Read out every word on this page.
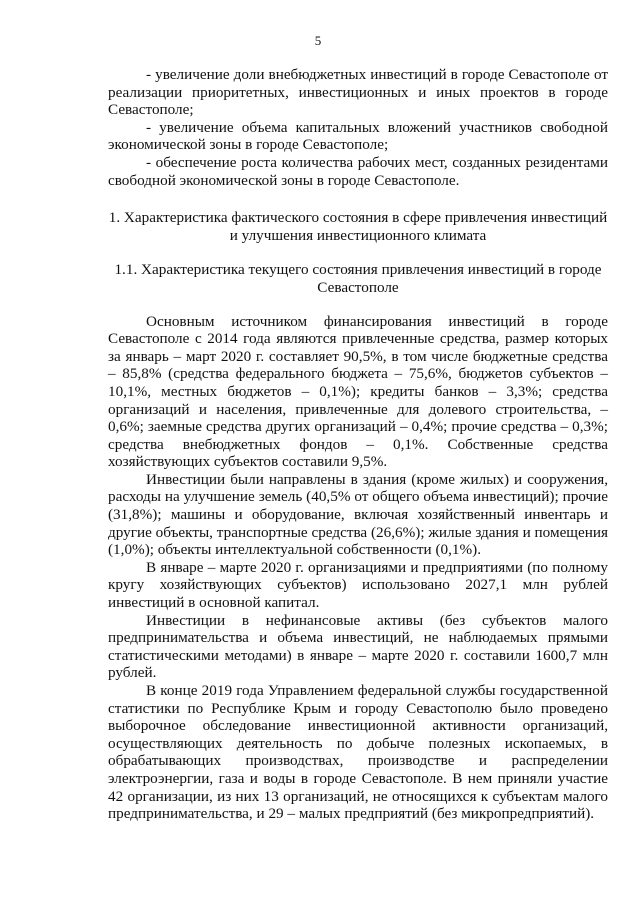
5

- увеличение доли внебюджетных инвестиций в городе Севастополе от реализации приоритетных, инвестиционных и иных проектов в городе Севастополе;

- увеличение объема капитальных вложений участников свободной экономической зоны в городе Севастополе;

- обеспечение роста количества рабочих мест, созданных резидентами свободной экономической зоны в городе Севастополе.

1. Характеристика фактического состояния в сфере привлечения инвестиций и улучшения инвестиционного климата

1.1. Характеристика текущего состояния привлечения инвестиций в городе Севастополе

Основным источником финансирования инвестиций в городе Севастополе с 2014 года являются привлеченные средства, размер которых за январь – март 2020 г. составляет 90,5%, в том числе бюджетные средства – 85,8% (средства федерального бюджета – 75,6%, бюджетов субъектов – 10,1%, местных бюджетов – 0,1%); кредиты банков – 3,3%; средства организаций и населения, привлеченные для долевого строительства, – 0,6%; заемные средства других организаций – 0,4%; прочие средства – 0,3%; средства внебюджетных фондов – 0,1%. Собственные средства хозяйствующих субъектов составили 9,5%.

Инвестиции были направлены в здания (кроме жилых) и сооружения, расходы на улучшение земель (40,5% от общего объема инвестиций); прочие (31,8%); машины и оборудование, включая хозяйственный инвентарь и другие объекты, транспортные средства (26,6%); жилые здания и помещения (1,0%); объекты интеллектуальной собственности (0,1%).

В январе – марте 2020 г. организациями и предприятиями (по полному кругу хозяйствующих субъектов) использовано 2027,1 млн рублей инвестиций в основной капитал.

Инвестиции в нефинансовые активы (без субъектов малого предпринимательства и объема инвестиций, не наблюдаемых прямыми статистическими методами) в январе – марте 2020 г. составили 1600,7 млн рублей.

В конце 2019 года Управлением федеральной службы государственной статистики по Республике Крым и городу Севастополю было проведено выборочное обследование инвестиционной активности организаций, осуществляющих деятельность по добыче полезных ископаемых, в обрабатывающих производствах, производстве и распределении электроэнергии, газа и воды в городе Севастополе. В нем приняли участие 42 организации, из них 13 организаций, не относящихся к субъектам малого предпринимательства, и 29 – малых предприятий (без микропредприятий).
